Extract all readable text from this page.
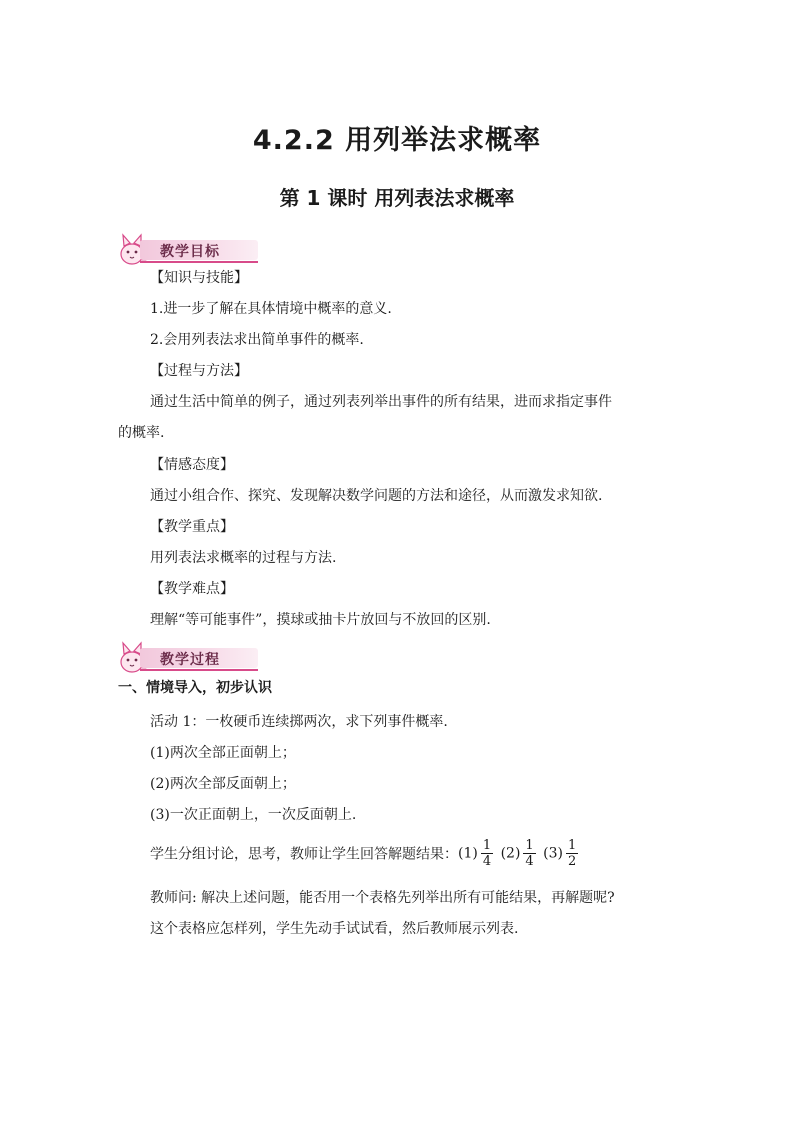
4.2.2 用列举法求概率
第 1 课时 用列表法求概率
教学目标
【知识与技能】
1.进一步了解在具体情境中概率的意义.
2.会用列表法求出简单事件的概率.
【过程与方法】
通过生活中简单的例子，通过列表列举出事件的所有结果，进而求指定事件
的概率.
【情感态度】
通过小组合作、探究、发现解决数学问题的方法和途径，从而激发求知欲.
【教学重点】
用列表法求概率的过程与方法.
【教学难点】
理解“等可能事件”，摸球或抽卡片放回与不放回的区别.
教学过程
一、情境导入，初步认识
活动 1：一枚硬币连续掷两次，求下列事件概率.
(1)两次全部正面朝上；
(2)两次全部反面朝上；
(3)一次正面朝上，一次反面朝上.
学生分组讨论，思考，教师让学生回答解题结果：$(1) \frac{1}{4} (2) \frac{1}{4} (3) \frac{1}{2}$
教师问: 解决上述问题，能否用一个表格先列举出所有可能结果，再解题呢?
这个表格应怎样列，学生先动手试试看，然后教师展示列表.
